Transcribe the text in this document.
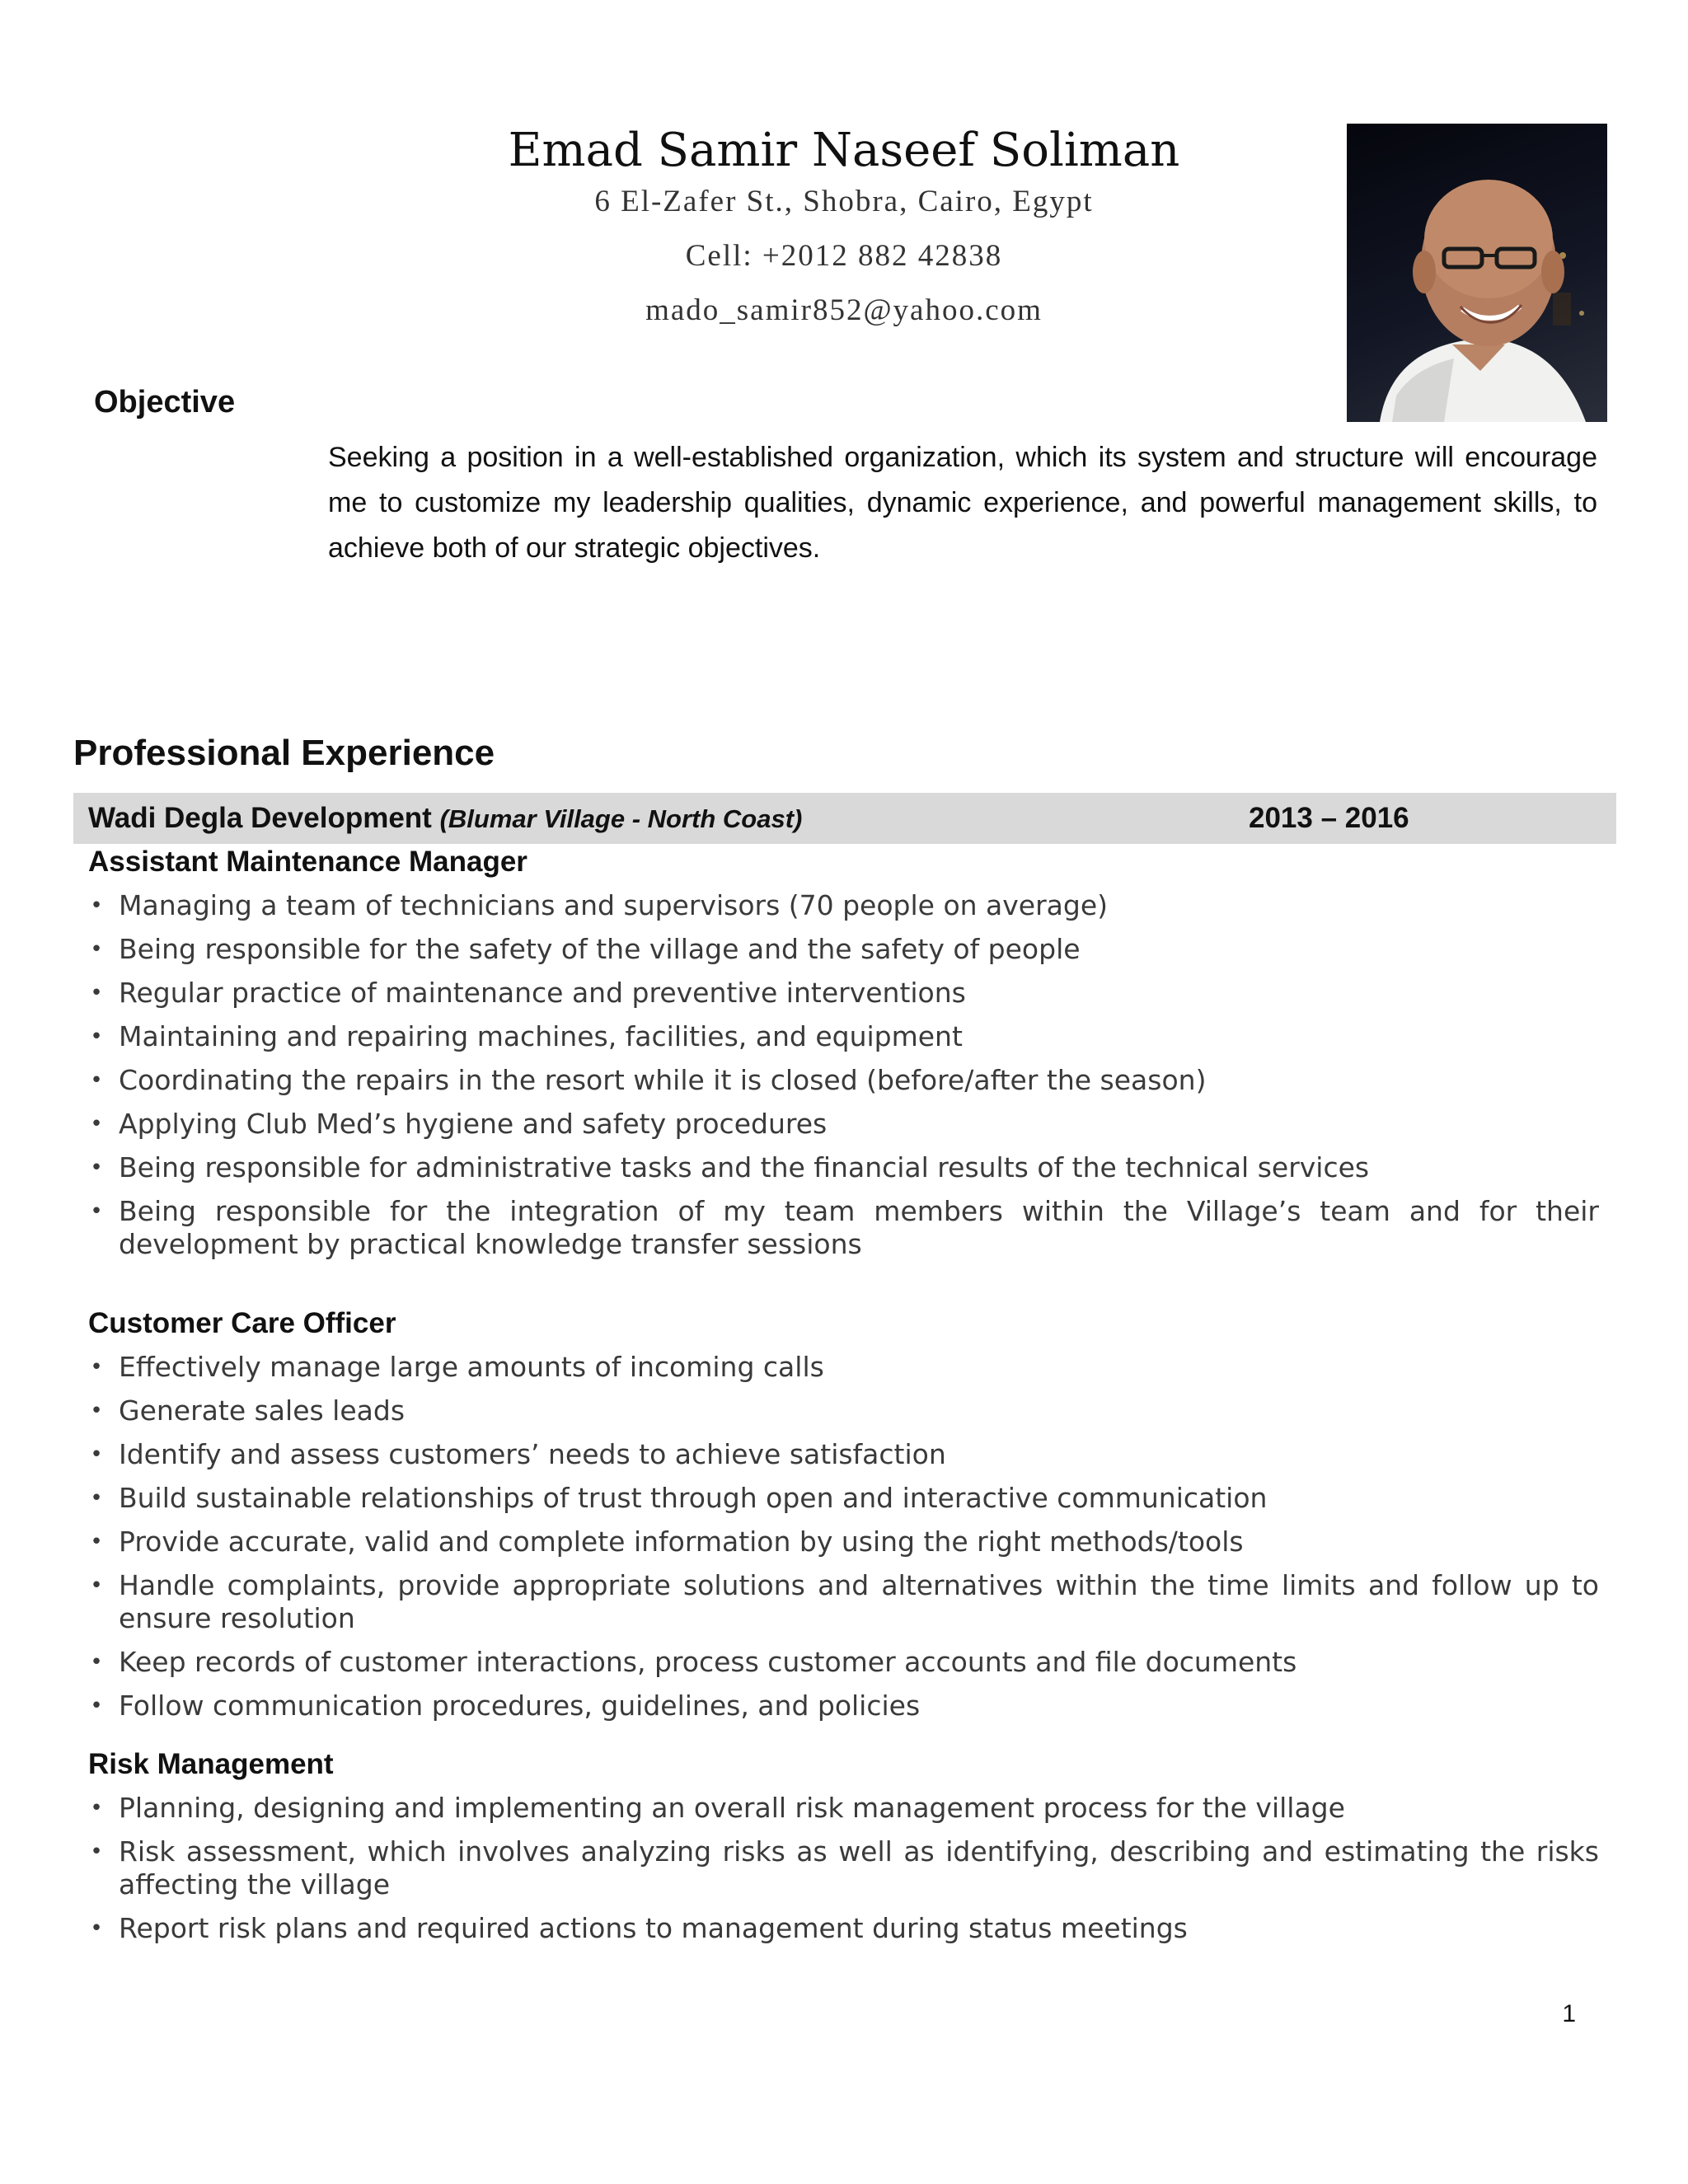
Emad Samir Naseef Soliman
6 El-Zafer St., Shobra, Cairo, Egypt
Cell: +2012 882 42838
mado_samir852@yahoo.com
Objective
Seeking a position in a well-established organization, which its system and structure will encourage me to customize my leadership qualities, dynamic experience, and powerful management skills, to achieve both of our strategic objectives.
Professional Experience
Wadi Degla Development (Blumar Village - North Coast)	2013 – 2016
Assistant Maintenance Manager
• Managing a team of technicians and supervisors (70 people on average)
• Being responsible for the safety of the village and the safety of people
• Regular practice of maintenance and preventive interventions
• Maintaining and repairing machines, facilities, and equipment
• Coordinating the repairs in the resort while it is closed (before/after the season)
• Applying Club Med’s hygiene and safety procedures
• Being responsible for administrative tasks and the financial results of the technical services
• Being responsible for the integration of my team members within the Village’s team and for their development by practical knowledge transfer sessions
Customer Care Officer
• Effectively manage large amounts of incoming calls
• Generate sales leads
• Identify and assess customers’ needs to achieve satisfaction
• Build sustainable relationships of trust through open and interactive communication
• Provide accurate, valid and complete information by using the right methods/tools
• Handle complaints, provide appropriate solutions and alternatives within the time limits and follow up to ensure resolution
• Keep records of customer interactions, process customer accounts and file documents
• Follow communication procedures, guidelines, and policies
Risk Management
• Planning, designing and implementing an overall risk management process for the village
• Risk assessment, which involves analyzing risks as well as identifying, describing and estimating the risks affecting the village
• Report risk plans and required actions to management during status meetings
1
